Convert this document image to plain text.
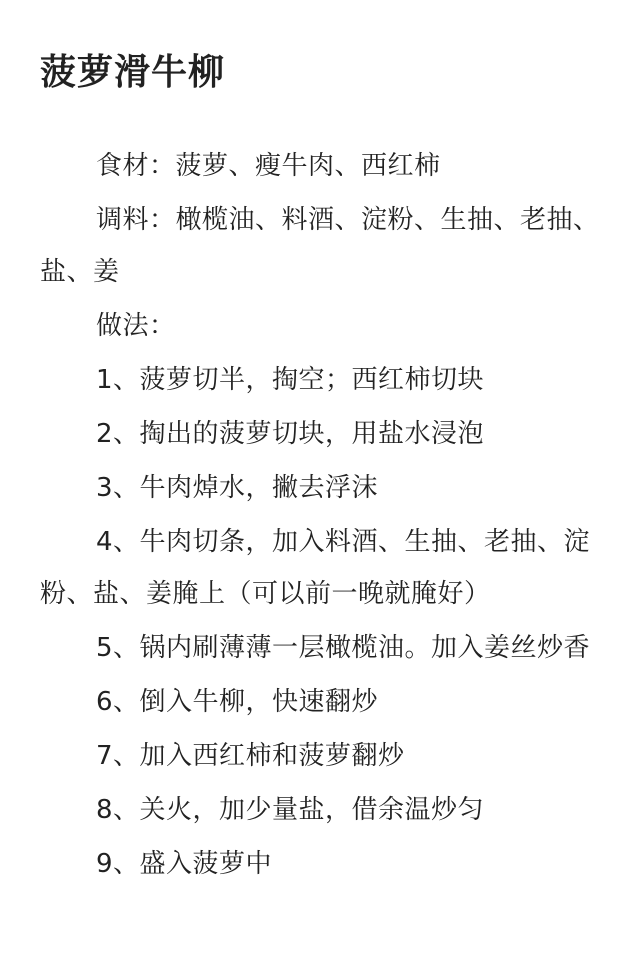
菠萝滑牛柳

食材：菠萝、瘦牛肉、西红柿

调料：橄榄油、料酒、淀粉、生抽、老抽、盐、姜

做法：

1、菠萝切半，掏空；西红柿切块

2、掏出的菠萝切块，用盐水浸泡

3、牛肉焯水，撇去浮沫

4、牛肉切条，加入料酒、生抽、老抽、淀粉、盐、姜腌上（可以前一晚就腌好）

5、锅内刷薄薄一层橄榄油。加入姜丝炒香

6、倒入牛柳，快速翻炒

7、加入西红柿和菠萝翻炒

8、关火，加少量盐，借余温炒匀

9、盛入菠萝中
